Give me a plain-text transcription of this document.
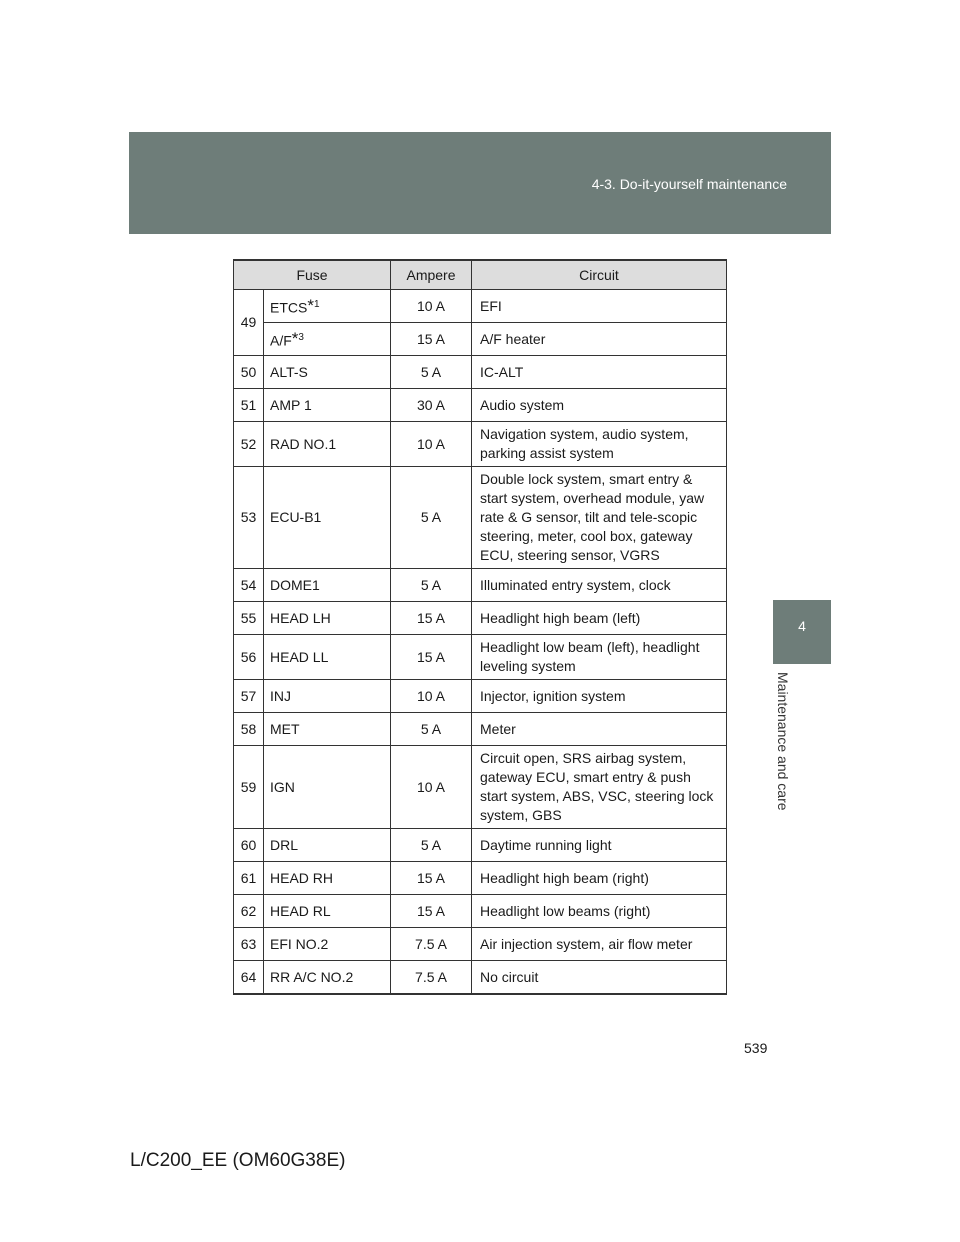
4-3. Do-it-yourself maintenance
4
Maintenance and care
Fuse		Ampere	Circuit
49	ETCS$^{*1}$	10 A	EFI
	$A/F^{*3}$	15 A	A/F heater
50	ALT-S	5 A	IC-ALT
51	AMP 1	30 A	Audio system
52	RAD NO.1	10 A	Navigation system, audio system, parking assist system
53	ECU-B1	5 A	Double lock system, smart entry & start system, overhead module, yaw rate & G sensor, tilt and tele-scopic steering, meter, cool box, gateway ECU, steering sensor, VGRS
54	DOME1	5 A	Illuminated entry system, clock
55	HEAD LH	15 A	Headlight high beam (left)
56	HEAD LL	15 A	Headlight low beam (left), headlight leveling system
57	INJ	10 A	Injector, ignition system
58	MET	5 A	Meter
59	IGN	10 A	Circuit open, SRS airbag system, gateway ECU, smart entry & push start system, ABS, VSC, steering lock system, GBS
60	DRL	5 A	Daytime running light
61	HEAD RH	15 A	Headlight high beam (right)
62	HEAD RL	15 A	Headlight low beams (right)
63	EFI NO.2	7.5 A	Air injection system, air flow meter
64	RR A/C NO.2	7.5 A	No circuit
539
L/C200_EE (OM60G38E)
